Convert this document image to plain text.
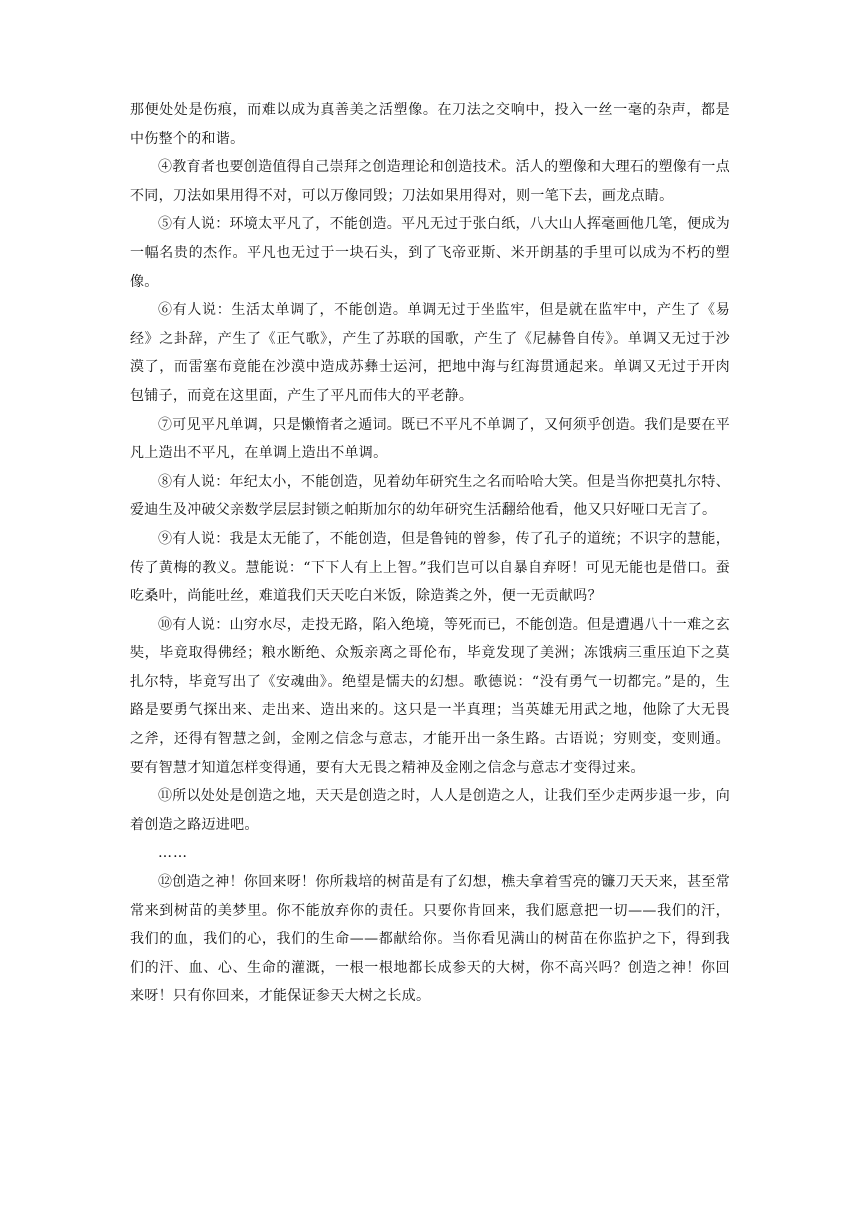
那便处处是伤痕，而难以成为真善美之活塑像。在刀法之交响中，投入一丝一毫的杂声，都是中伤整个的和谐。

④教育者也要创造值得自己崇拜之创造理论和创造技术。活人的塑像和大理石的塑像有一点不同，刀法如果用得不对，可以万像同毁；刀法如果用得对，则一笔下去，画龙点睛。

⑤有人说：环境太平凡了，不能创造。平凡无过于张白纸，八大山人挥毫画他几笔，便成为一幅名贵的杰作。平凡也无过于一块石头，到了飞帝亚斯、米开朗基的手里可以成为不朽的塑像。

⑥有人说：生活太单调了，不能创造。单调无过于坐监牢，但是就在监牢中，产生了《易经》之卦辞，产生了《正气歌》，产生了苏联的国歌，产生了《尼赫鲁自传》。单调又无过于沙漠了，而雷塞布竟能在沙漠中造成苏彝士运河，把地中海与红海贯通起来。单调又无过于开肉包铺子，而竟在这里面，产生了平凡而伟大的平老静。

⑦可见平凡单调，只是懒惰者之遁词。既已不平凡不单调了，又何须乎创造。我们是要在平凡上造出不平凡，在单调上造出不单调。

⑧有人说：年纪太小，不能创造，见着幼年研究生之名而哈哈大笑。但是当你把莫扎尔特、爱迪生及冲破父亲数学层层封锁之帕斯加尔的幼年研究生活翻给他看，他又只好哑口无言了。

⑨有人说：我是太无能了，不能创造，但是鲁钝的曾参，传了孔子的道统；不识字的慧能，传了黄梅的教义。慧能说：“下下人有上上智。”我们岂可以自暴自弃呀！可见无能也是借口。蚕吃桑叶，尚能吐丝，难道我们天天吃白米饭，除造粪之外，便一无贡献吗？

⑩有人说：山穷水尽，走投无路，陷入绝境，等死而已，不能创造。但是遭遇八十一难之玄奘，毕竟取得佛经；粮水断绝、众叛亲离之哥伦布，毕竟发现了美洲；冻饿病三重压迫下之莫扎尔特，毕竟写出了《安魂曲》。绝望是懦夫的幻想。歌德说：“没有勇气一切都完。”是的，生路是要勇气探出来、走出来、造出来的。这只是一半真理；当英雄无用武之地，他除了大无畏之斧，还得有智慧之剑，金刚之信念与意志，才能开出一条生路。古语说；穷则变，变则通。要有智慧才知道怎样变得通，要有大无畏之精神及金刚之信念与意志才变得过来。

⑪所以处处是创造之地，天天是创造之时，人人是创造之人，让我们至少走两步退一步，向着创造之路迈进吧。

……

⑫创造之神！你回来呀！你所栽培的树苗是有了幻想，樵夫拿着雪亮的镰刀天天来，甚至常常来到树苗的美梦里。你不能放弃你的责任。只要你肯回来，我们愿意把一切——我们的汗，我们的血，我们的心，我们的生命——都献给你。当你看见满山的树苗在你监护之下，得到我们的汗、血、心、生命的灌溉，一根一根地都长成参天的大树，你不高兴吗？创造之神！你回来呀！只有你回来，才能保证参天大树之长成。
